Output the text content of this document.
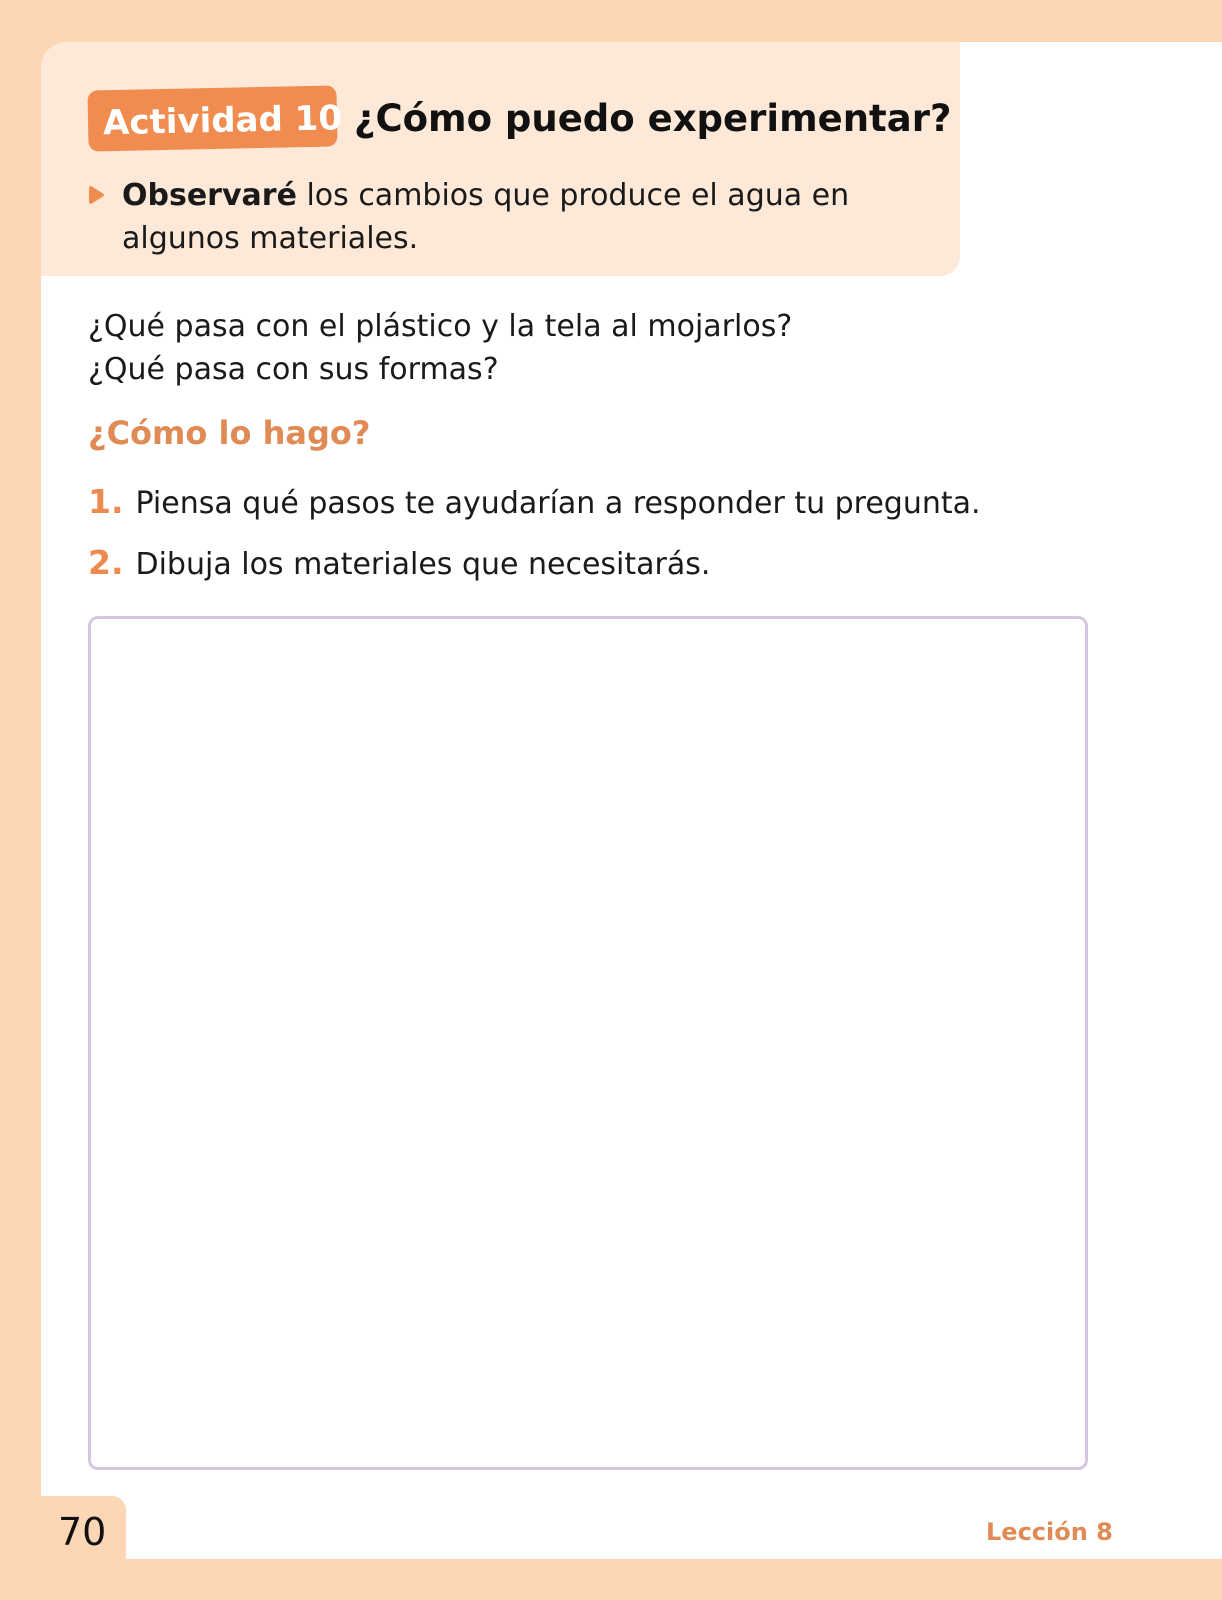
Actividad 10 ¿Cómo puedo experimentar?
Observaré los cambios que produce el agua en algunos materiales.
¿Qué pasa con el plástico y la tela al mojarlos?
¿Qué pasa con sus formas?
¿Cómo lo hago?
1. Piensa qué pasos te ayudarían a responder tu pregunta.
2. Dibuja los materiales que necesitarás.
70	Lección 8
